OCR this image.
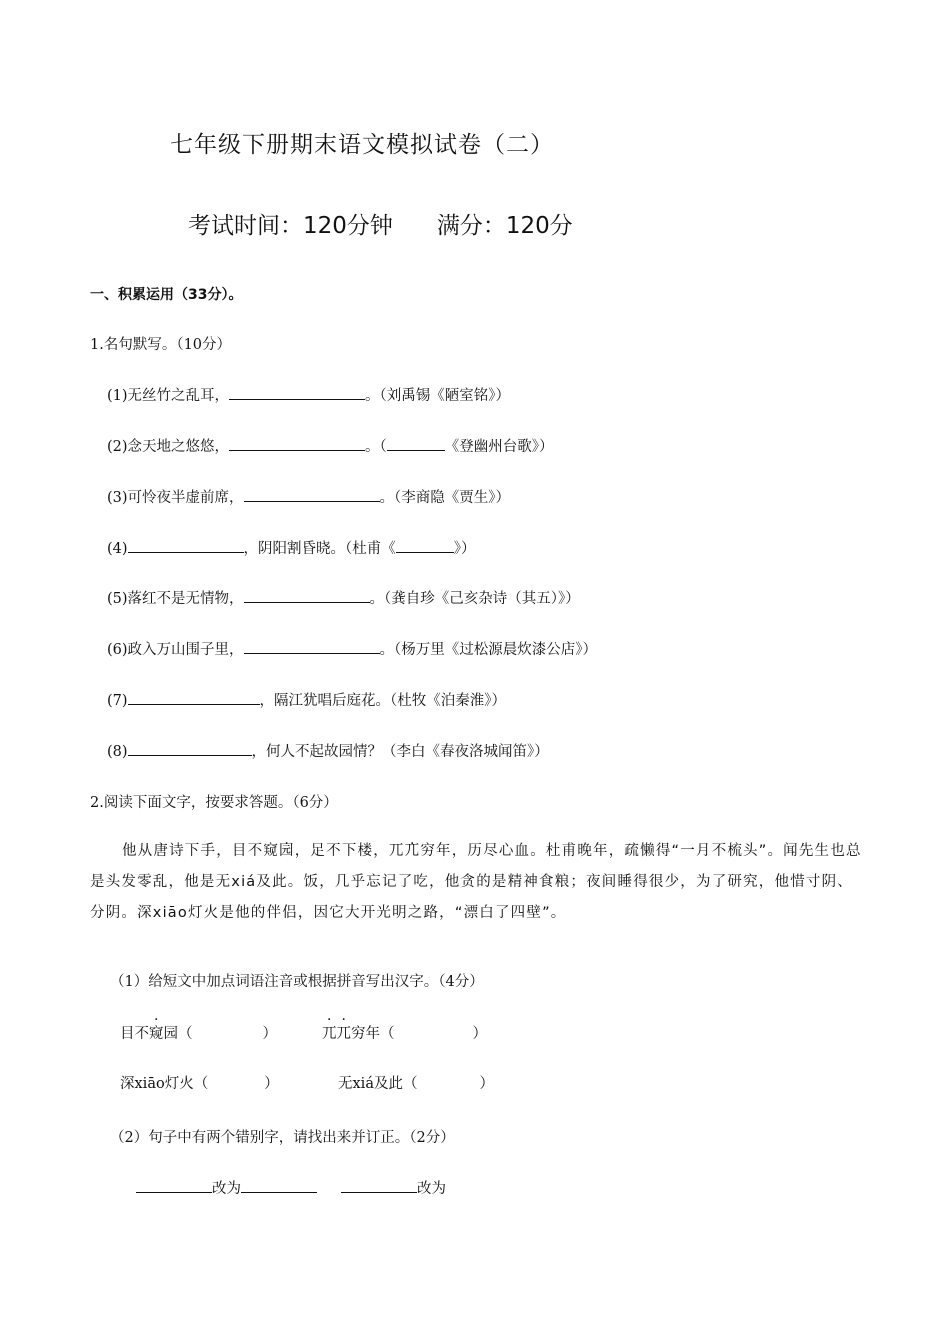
七年级下册期末语文模拟试卷（二）
考试时间：120分钟 满分：120分
一、积累运用（33分）。
1.名句默写。（10分）
(1)无丝竹之乱耳，	。（刘禹锡《陋室铭》）
(2)念天地之悠悠，	。（	《登幽州台歌》）
(3)可怜夜半虚前席，	。（李商隐《贾生》）
(4)	，阴阳割昏晓。（杜甫《	》）
(5)落红不是无情物，	。（龚自珍《己亥杂诗（其五）》）
(6)政入万山围子里，	。（杨万里《过松源晨炊漆公店》）
(7)	，隔江犹唱后庭花。（杜牧《泊秦淮》）
(8)	，何人不起故园情？（李白《春夜洛城闻笛》）
2.阅读下面文字，按要求答题。（6分）
他从唐诗下手，目不窥园，足不下楼，兀兀穷年，历尽心血。杜甫晚年，疏懒得“一月不梳头”。闻先生也总是头发零乱，他是无xiá及此。饭，几乎忘记了吃，他贪的是精神食粮；夜间睡得很少，为了研究，他惜寸阴、分阴。深xiāo灯火是他的伴侣，因它大开光明之路，“漂白了四壁”。
（1）给短文中加点词语注音或根据拼音写出汉字。（4分）
目不窥园（	）	兀兀穷年（	）
深xiāo灯火（	）	无xiá及此（	）
（2）句子中有两个错别字，请找出来并订正。（2分）
改为	改为
